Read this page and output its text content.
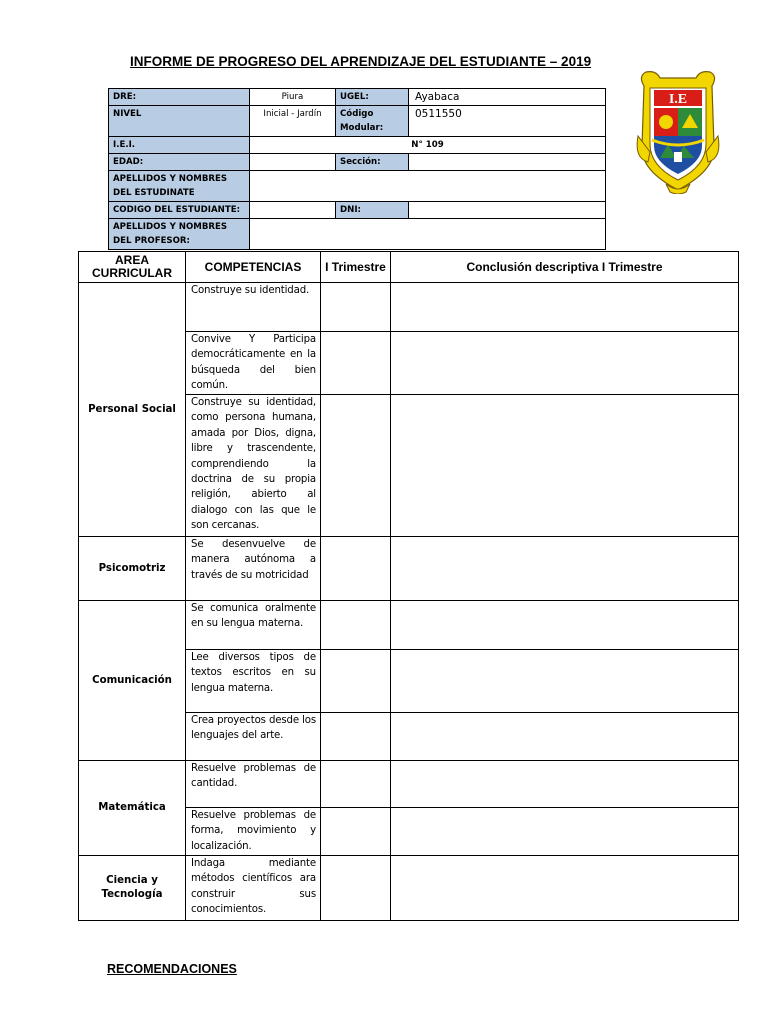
INFORME DE PROGRESO DEL APRENDIZAJE DEL ESTUDIANTE – 2019
DRE:	Piura	UGEL:	Ayabaca
NIVEL	Inicial - Jardín	Código Modular:	0511550
I.E.I.	N° 109		
EDAD:		Sección:	
APELLIDOS Y NOMBRES DEL ESTUDINATE			
CODIGO DEL ESTUDIANTE:		DNI:	
APELLIDOS Y NOMBRES DEL PROFESOR:			
I.E
AREA CURRICULAR	COMPETENCIAS	I Trimestre	Conclusión descriptiva I Trimestre
Personal Social	Construye su identidad.		
	Convive Y Participa democráticamente en la búsqueda del bien común.		
	Construye su identidad, como persona humana, amada por Dios, digna, libre y trascendente, comprendiendo la doctrina de su propia religión, abierto al dialogo con las que le son cercanas.		
Psicomotriz	Se desenvuelve de manera autónoma a través de su motricidad		
Comunicación	Se comunica oralmente en su lengua materna.		
	Lee diversos tipos de textos escritos en su lengua materna.		
	Crea proyectos desde los lenguajes del arte.		
Matemática	Resuelve problemas de cantidad.		
	Resuelve problemas de forma, movimiento y localización.		
Ciencia y Tecnología	Indaga mediante métodos científicos ara construir sus conocimientos.		
RECOMENDACIONES
